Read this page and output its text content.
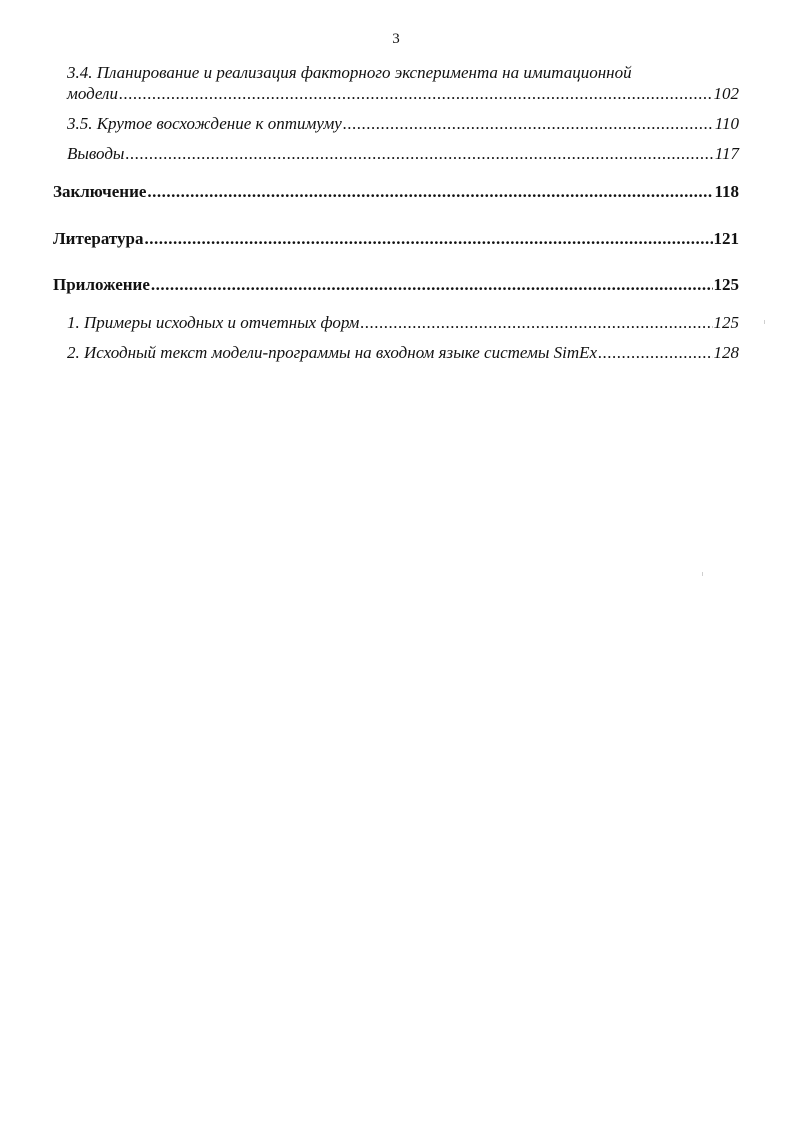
3
3.4. Планирование и реализация факторного эксперимента на имитационной
модели .....	102
3.5. Крутое восхождение к оптимуму .....	110
Выводы .....	117
Заключение .....	118
Литература .....	121
Приложение .....	125
1. Примеры исходных и отчетных форм .....	125
2. Исходный текст модели-программы на входном языке системы SimEx .....	128
